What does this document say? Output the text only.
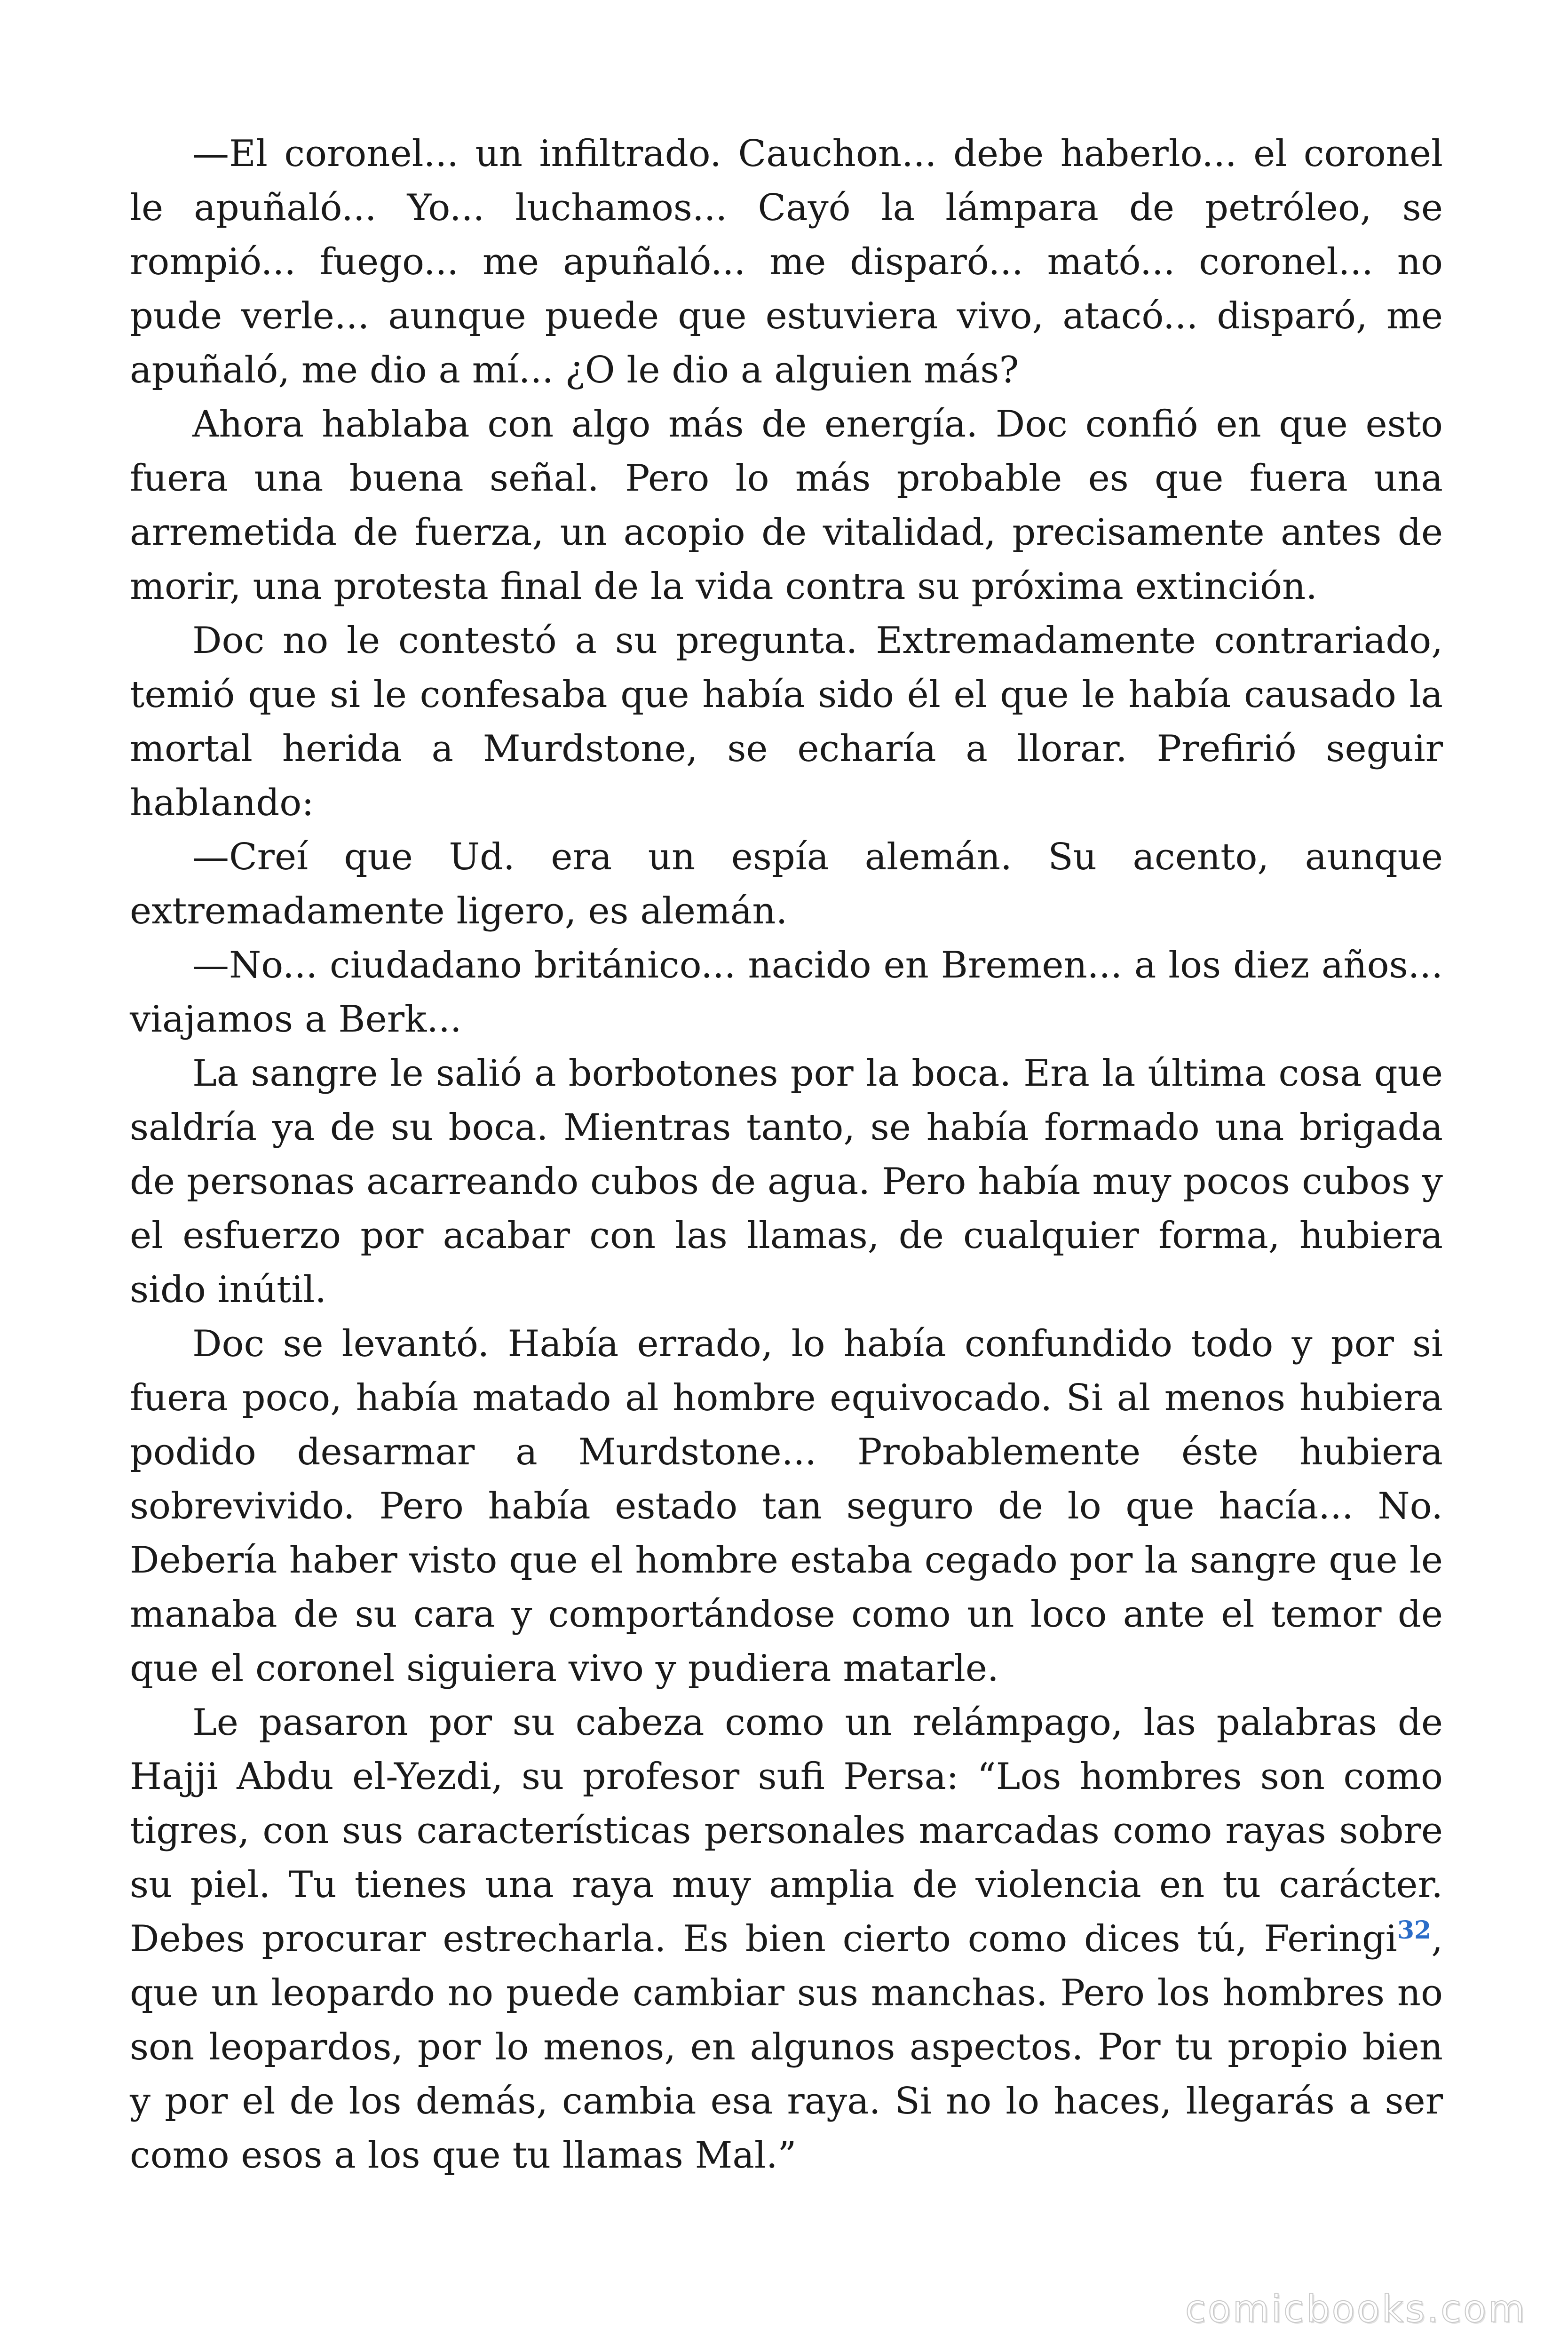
—El coronel... un infiltrado. Cauchon... debe haberlo... el coronel le apuñaló... Yo... luchamos... Cayó la lámpara de petróleo, se rompió... fuego... me apuñaló... me disparó... mató... coronel... no pude verle... aunque puede que estuviera vivo, atacó... disparó, me apuñaló, me dio a mí... ¿O le dio a alguien más?

Ahora hablaba con algo más de energía. Doc confió en que esto fuera una buena señal. Pero lo más probable es que fuera una arremetida de fuerza, un acopio de vitalidad, precisamente antes de morir, una protesta final de la vida contra su próxima extinción.

Doc no le contestó a su pregunta. Extremadamente contrariado, temió que si le confesaba que había sido él el que le había causado la mortal herida a Murdstone, se echaría a llorar. Prefirió seguir hablando:

—Creí que Ud. era un espía alemán. Su acento, aunque extremadamente ligero, es alemán.

—No... ciudadano británico... nacido en Bremen... a los diez años... viajamos a Berk...

La sangre le salió a borbotones por la boca. Era la última cosa que saldría ya de su boca. Mientras tanto, se había formado una brigada de personas acarreando cubos de agua. Pero había muy pocos cubos y el esfuerzo por acabar con las llamas, de cualquier forma, hubiera sido inútil.

Doc se levantó. Había errado, lo había confundido todo y por si fuera poco, había matado al hombre equivocado. Si al menos hubiera podido desarmar a Murdstone... Probablemente éste hubiera sobrevivido. Pero había estado tan seguro de lo que hacía... No. Debería haber visto que el hombre estaba cegado por la sangre que le manaba de su cara y comportándose como un loco ante el temor de que el coronel siguiera vivo y pudiera matarle.

Le pasaron por su cabeza como un relámpago, las palabras de Hajji Abdu el-Yezdi, su profesor sufi Persa: “Los hombres son como tigres, con sus características personales marcadas como rayas sobre su piel. Tu tienes una raya muy amplia de violencia en tu carácter. Debes procurar estrecharla. Es bien cierto como dices tú, Feringi$^{32}$, que un leopardo no puede cambiar sus manchas. Pero los hombres no son leopardos, por lo menos, en algunos aspectos. Por tu propio bien y por el de los demás, cambia esa raya. Si no lo haces, llegarás a ser como esos a los que tu llamas Mal.”

comicbooks.com
